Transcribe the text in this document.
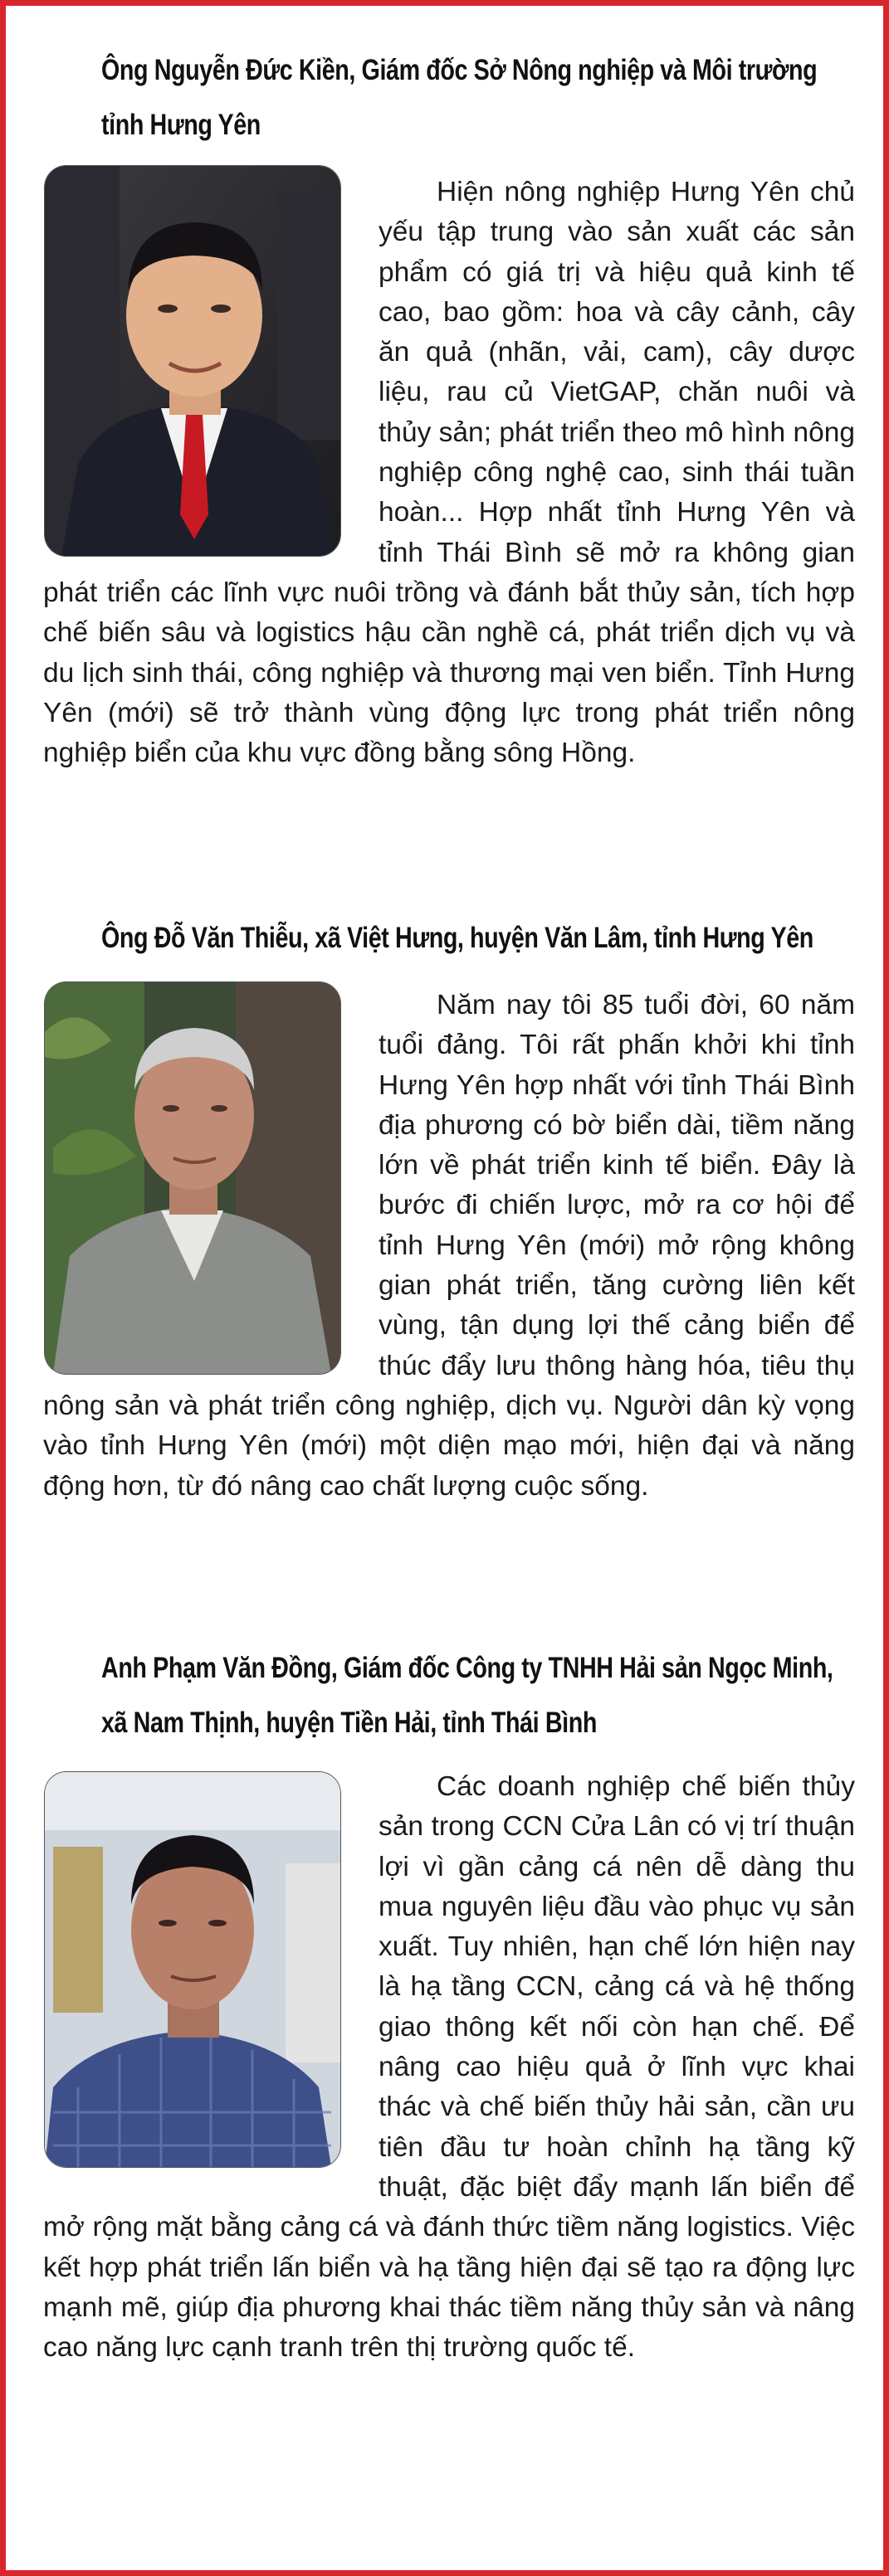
Ông Nguyễn Đức Kiền, Giám đốc Sở Nông nghiệp và Môi trường
tỉnh Hưng Yên

Hiện nông nghiệp Hưng Yên chủ yếu tập trung vào sản xuất các sản phẩm có giá trị và hiệu quả kinh tế cao, bao gồm: hoa và cây cảnh, cây ăn quả (nhãn, vải, cam), cây dược liệu, rau củ VietGAP, chăn nuôi và thủy sản; phát triển theo mô hình nông nghiệp công nghệ cao, sinh thái tuần hoàn... Hợp nhất tỉnh Hưng Yên và tỉnh Thái Bình sẽ mở ra không gian phát triển các lĩnh vực nuôi trồng và đánh bắt thủy sản, tích hợp chế biến sâu và logistics hậu cần nghề cá, phát triển dịch vụ và du lịch sinh thái, công nghiệp và thương mại ven biển. Tỉnh Hưng Yên (mới) sẽ trở thành vùng động lực trong phát triển nông nghiệp biển của khu vực đồng bằng sông Hồng.

Ông Đỗ Văn Thiễu, xã Việt Hưng, huyện Văn Lâm, tỉnh Hưng Yên

Năm nay tôi 85 tuổi đời, 60 năm tuổi đảng. Tôi rất phấn khởi khi tỉnh Hưng Yên hợp nhất với tỉnh Thái Bình địa phương có bờ biển dài, tiềm năng lớn về phát triển kinh tế biển. Đây là bước đi chiến lược, mở ra cơ hội để tỉnh Hưng Yên (mới) mở rộng không gian phát triển, tăng cường liên kết vùng, tận dụng lợi thế cảng biển để thúc đẩy lưu thông hàng hóa, tiêu thụ nông sản và phát triển công nghiệp, dịch vụ. Người dân kỳ vọng vào tỉnh Hưng Yên (mới) một diện mạo mới, hiện đại và năng động hơn, từ đó nâng cao chất lượng cuộc sống.

Anh Phạm Văn Đồng, Giám đốc Công ty TNHH Hải sản Ngọc Minh,
xã Nam Thịnh, huyện Tiền Hải, tỉnh Thái Bình

Các doanh nghiệp chế biến thủy sản trong CCN Cửa Lân có vị trí thuận lợi vì gần cảng cá nên dễ dàng thu mua nguyên liệu đầu vào phục vụ sản xuất. Tuy nhiên, hạn chế lớn hiện nay là hạ tầng CCN, cảng cá và hệ thống giao thông kết nối còn hạn chế. Để nâng cao hiệu quả ở lĩnh vực khai thác và chế biến thủy hải sản, cần ưu tiên đầu tư hoàn chỉnh hạ tầng kỹ thuật, đặc biệt đẩy mạnh lấn biển để mở rộng mặt bằng cảng cá và đánh thức tiềm năng logistics. Việc kết hợp phát triển lấn biển và hạ tầng hiện đại sẽ tạo ra động lực mạnh mẽ, giúp địa phương khai thác tiềm năng thủy sản và nâng cao năng lực cạnh tranh trên thị trường quốc tế.
